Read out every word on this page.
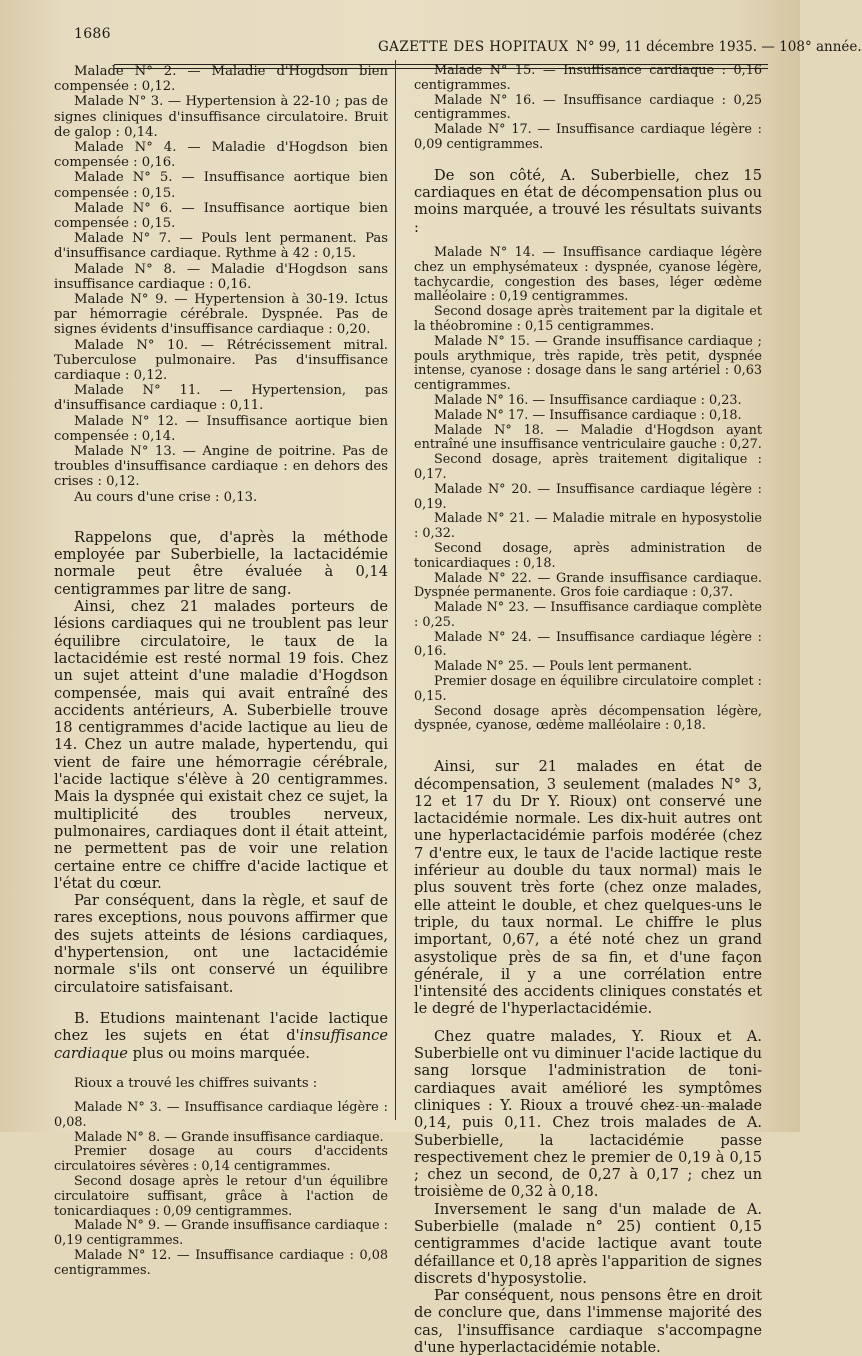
1686
GAZETTE DES HOPITAUX N° 99, 11 décembre 1935. — 108° année.

Malade N° 2. — Maladie d'Hogdson bien compensée : 0,12.

Malade N° 3. — Hypertension à 22-10 ; pas de signes cliniques d'insuffisance circulatoire. Bruit de galop : 0,14.

Malade N° 4. — Maladie d'Hogdson bien compensée : 0,16.

Malade N° 5. — Insuffisance aortique bien compensée : 0,15.

Malade N° 6. — Insuffisance aortique bien compensée : 0,15.

Malade N° 7. — Pouls lent permanent. Pas d'insuffisance cardiaque. Rythme à 42 : 0,15.

Malade N° 8. — Maladie d'Hogdson sans insuffisance cardiaque : 0,16.

Malade N° 9. — Hypertension à 30-19. Ictus par hémorragie cérébrale. Dyspnée. Pas de signes évidents d'insuffisance cardiaque : 0,20.

Malade N° 10. — Rétrécissement mitral. Tuberculose pulmonaire. Pas d'insuffisance cardiaque : 0,12.

Malade N° 11. — Hypertension, pas d'insuffisance cardiaque : 0,11.

Malade N° 12. — Insuffisance aortique bien compensée : 0,14.

Malade N° 13. — Angine de poitrine. Pas de troubles d'insuffisance cardiaque : en dehors des crises : 0,12.

Au cours d'une crise : 0,13.

Rappelons que, d'après la méthode employée par Suberbielle, la lactacidémie normale peut être évaluée à 0,14 centigrammes par litre de sang.

Ainsi, chez 21 malades porteurs de lésions cardiaques qui ne troublent pas leur équilibre circulatoire, le taux de la lactacidémie est resté normal 19 fois. Chez un sujet atteint d'une maladie d'Hogdson compensée, mais qui avait entraîné des accidents antérieurs, A. Suberbielle trouve 18 centigrammes d'acide lactique au lieu de 14. Chez un autre malade, hypertendu, qui vient de faire une hémorragie cérébrale, l'acide lactique s'élève à 20 centigrammes. Mais la dyspnée qui existait chez ce sujet, la multiplicité des troubles nerveux, pulmonaires, cardiaques dont il était atteint, ne permettent pas de voir une relation certaine entre ce chiffre d'acide lactique et l'état du cœur.

Par conséquent, dans la règle, et sauf de rares exceptions, nous pouvons affirmer que des sujets atteints de lésions cardiaques, d'hypertension, ont une lactacidémie normale s'ils ont conservé un équilibre circulatoire satisfaisant.

B. Etudions maintenant l'acide lactique chez les sujets en état d'insuffisance cardiaque plus ou moins marquée.

Rioux a trouvé les chiffres suivants :

Malade N° 3. — Insuffisance cardiaque légère : 0,08.

Malade N° 8. — Grande insuffisance cardiaque.

Premier dosage au cours d'accidents circulatoires sévères : 0,14 centigrammes.

Second dosage après le retour d'un équilibre circulatoire suffisant, grâce à l'action de tonicardiaques : 0,09 centigrammes.

Malade N° 9. — Grande insuffisance cardiaque : 0,19 centigrammes.

Malade N° 12. — Insuffisance cardiaque : 0,08 centigrammes.

Malade N° 15. — Insuffisance cardiaque : 0,16 centigrammes.

Malade N° 16. — Insuffisance cardiaque : 0,25 centigrammes.

Malade N° 17. — Insuffisance cardiaque légère : 0,09 centigrammes.

De son côté, A. Suberbielle, chez 15 cardiaques en état de décompensation plus ou moins marquée, a trouvé les résultats suivants :

Malade N° 14. — Insuffisance cardiaque légère chez un emphysémateux : dyspnée, cyanose légère, tachycardie, congestion des bases, léger œdème malléolaire : 0,19 centigrammes.

Second dosage après traitement par la digitale et la théobromine : 0,15 centigrammes.

Malade N° 15. — Grande insuffisance cardiaque ; pouls arythmique, très rapide, très petit, dyspnée intense, cyanose : dosage dans le sang artériel : 0,63 centigrammes.

Malade N° 16. — Insuffisance cardiaque : 0,23.

Malade N° 17. — Insuffisance cardiaque : 0,18.

Malade N° 18. — Maladie d'Hogdson ayant entraîné une insuffisance ventriculaire gauche : 0,27.

Second dosage, après traitement digitalique : 0,17.

Malade N° 20. — Insuffisance cardiaque légère : 0,19.

Malade N° 21. — Maladie mitrale en hyposystolie : 0,32.

Second dosage, après administration de tonicardiaques : 0,18.

Malade N° 22. — Grande insuffisance cardiaque. Dyspnée permanente. Gros foie cardiaque : 0,37.

Malade N° 23. — Insuffisance cardiaque complète : 0,25.

Malade N° 24. — Insuffisance cardiaque légère : 0,16.

Malade N° 25. — Pouls lent permanent.

Premier dosage en équilibre circulatoire complet : 0,15.

Second dosage après décompensation légère, dyspnée, cyanose, œdème malléolaire : 0,18.

Ainsi, sur 21 malades en état de décompensation, 3 seulement (malades N° 3, 12 et 17 du Dr Y. Rioux) ont conservé une lactacidémie normale. Les dix-huit autres ont une hyperlactacidémie parfois modérée (chez 7 d'entre eux, le taux de l'acide lactique reste inférieur au double du taux normal) mais le plus souvent très forte (chez onze malades, elle atteint le double, et chez quelques-uns le triple, du taux normal. Le chiffre le plus important, 0,67, a été noté chez un grand asystolique près de sa fin, et d'une façon générale, il y a une corrélation entre l'intensité des accidents cliniques constatés et le degré de l'hyperlactacidémie.

Chez quatre malades, Y. Rioux et A. Suberbielle ont vu diminuer l'acide lactique du sang lorsque l'administration de toni-cardiaques avait amélioré les symptômes cliniques : Y. Rioux a trouvé chez un malade 0,14, puis 0,11. Chez trois malades de A. Suberbielle, la lactacidémie passe respectivement chez le premier de 0,19 à 0,15 ; chez un second, de 0,27 à 0,17 ; chez un troisième de 0,32 à 0,18.

Inversement le sang d'un malade de A. Suberbielle (malade n° 25) contient 0,15 centigrammes d'acide lactique avant toute défaillance et 0,18 après l'apparition de signes discrets d'hyposystolie.

Par conséquent, nous pensons être en droit de conclure que, dans l'immense majorité des cas, l'insuffisance cardiaque s'accompagne d'une hyperlactacidémie notable.
